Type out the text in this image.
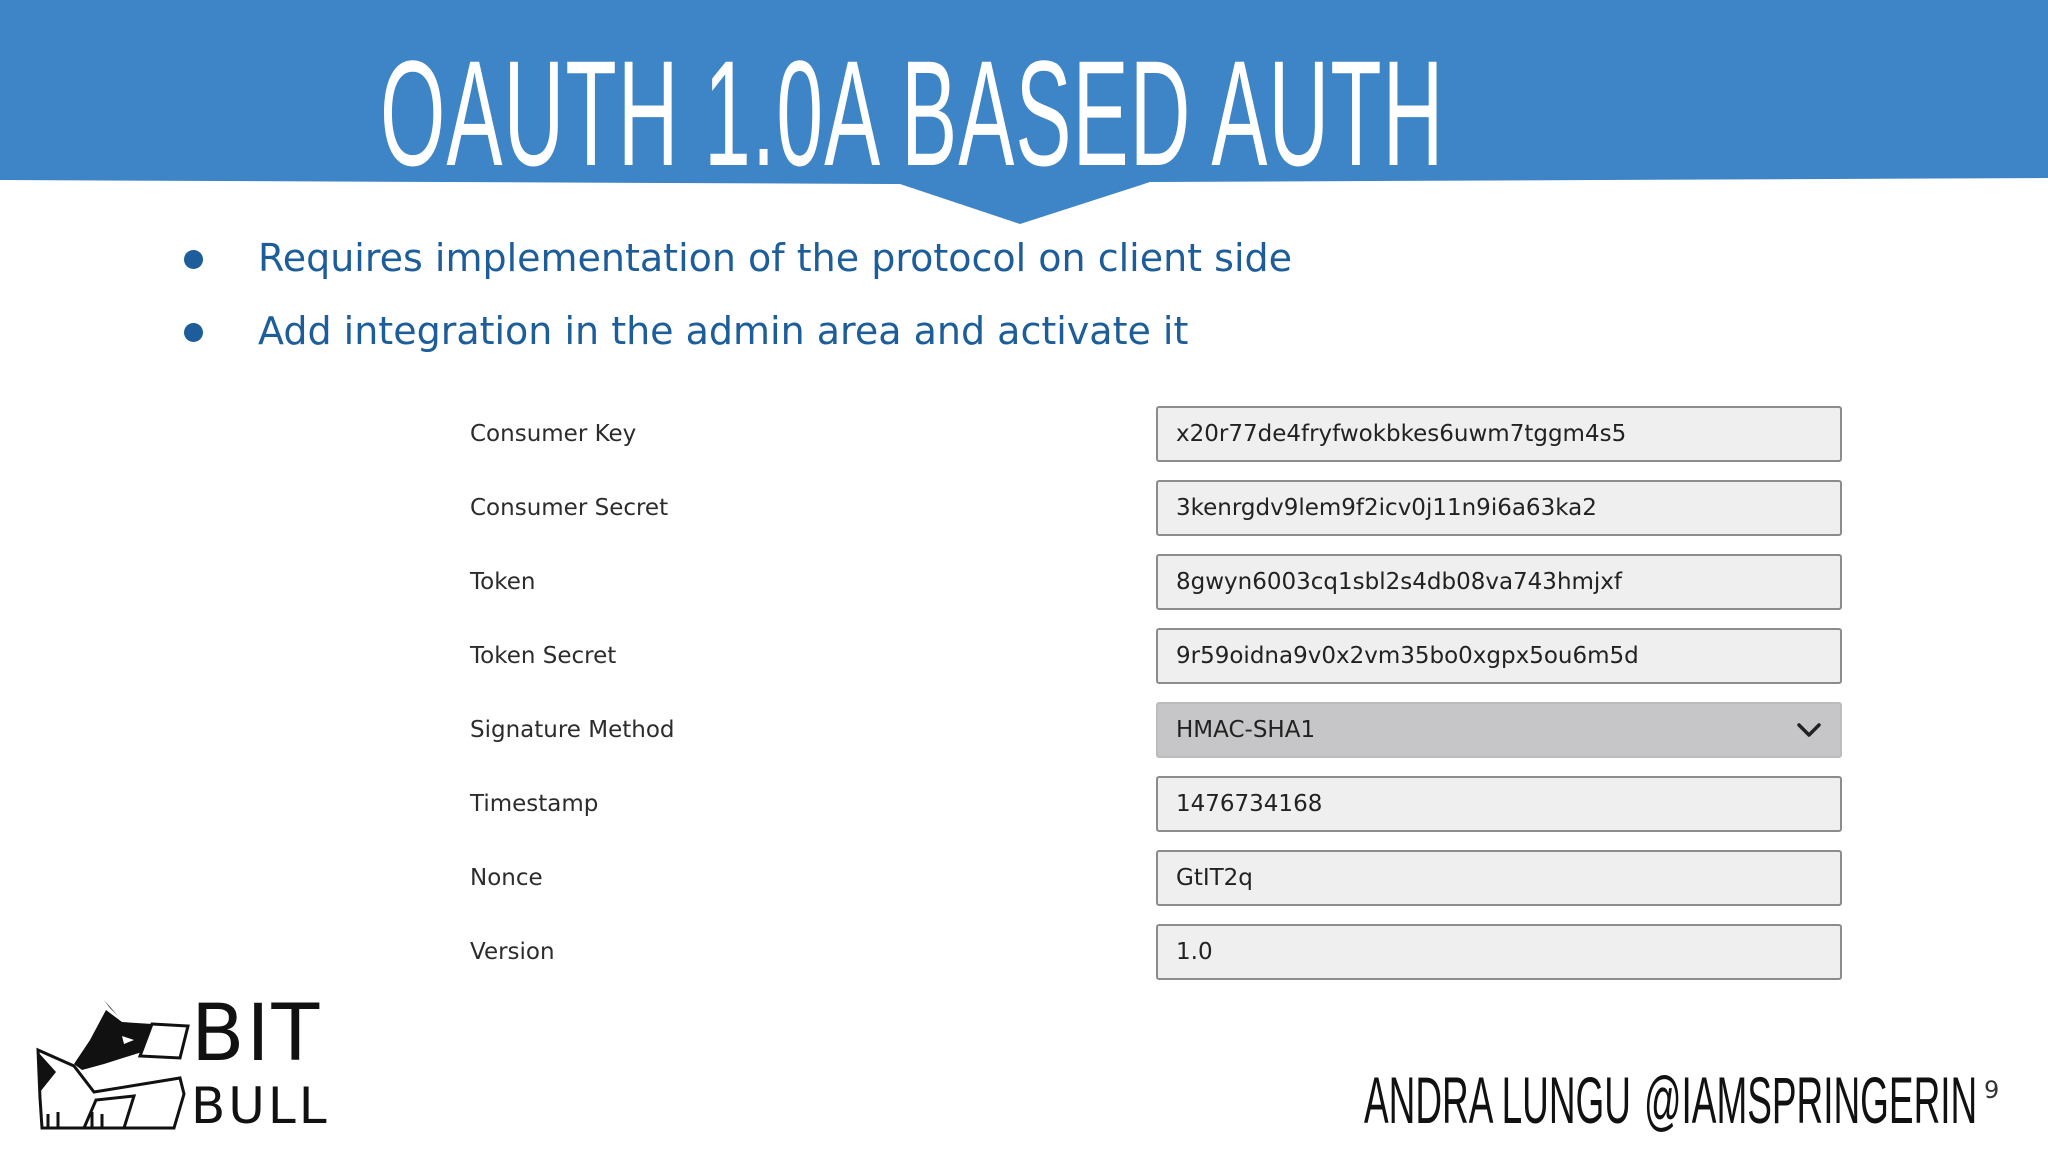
OAUTH 1.0A BASED AUTH
Requires implementation of the protocol on client side
Add integration in the admin area and activate it
Consumer Key
x20r77de4fryfwokbkes6uwm7tggm4s5
Consumer Secret
3kenrgdv9lem9f2icv0j11n9i6a63ka2
Token
8gwyn6003cq1sbl2s4db08va743hmjxf
Token Secret
9r59oidna9v0x2vm35bo0xgpx5ou6m5d
Signature Method	HMAC-SHA1
Timestamp
1476734168
Nonce
GtIT2q
Version
1.0
BIT
BULL	ANDRA LUNGU @IAMSPRINGERIN 9
